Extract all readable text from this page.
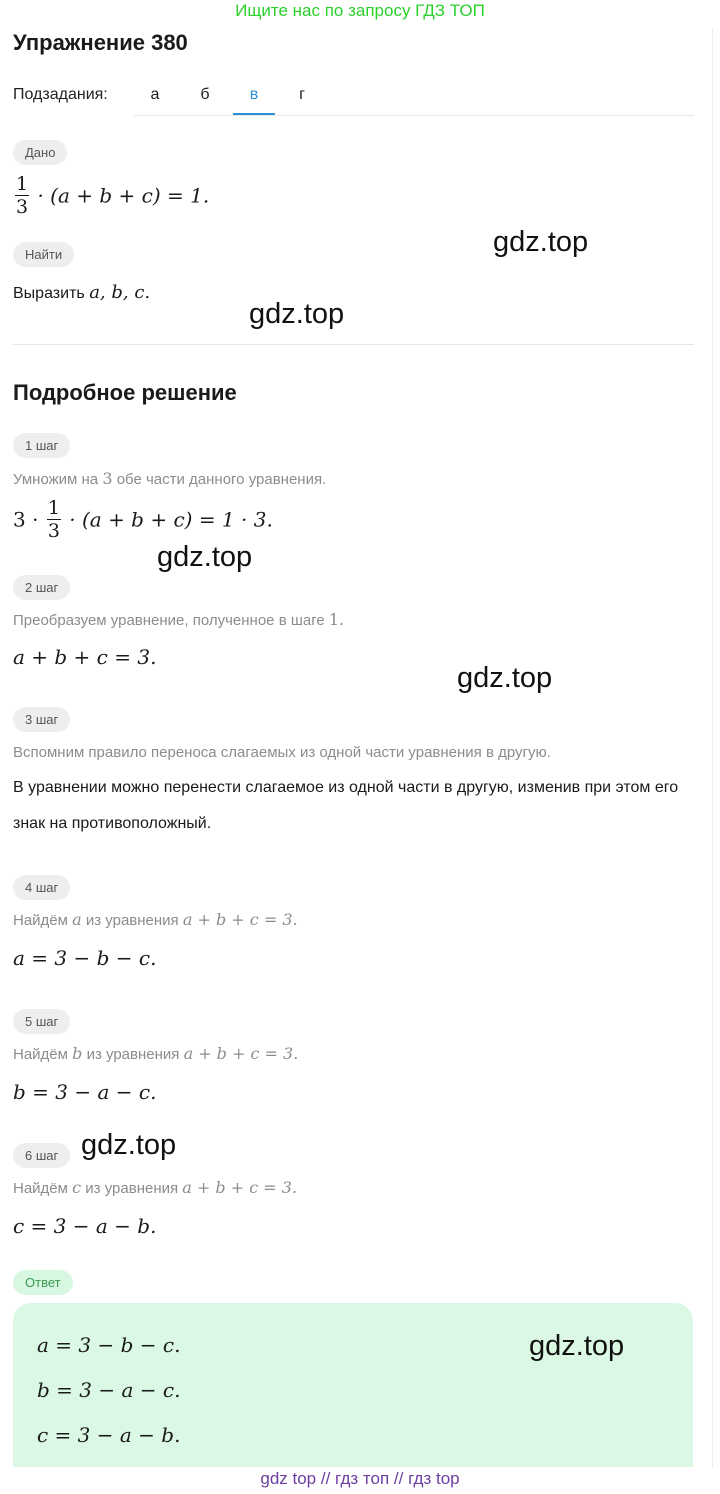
Ищите нас по запросу ГДЗ ТОП
Упражнение 380
Подзадания:	а	б	в	г
Дано
$\frac{1}{3} \cdot (a + b + c) = 1$.
Найти
Выразить a, b, c.
gdz.top
gdz.top
Подробное решение
1 шаг
Умножим на 3 обе части данного уравнения.
$3 \cdot \frac{1}{3} \cdot (a + b + c) = 1 \cdot 3$.
gdz.top
2 шаг
Преобразуем уравнение, полученное в шаге 1.
a + b + c = 3.
gdz.top
3 шаг
Вспомним правило переноса слагаемых из одной части уравнения в другую.
В уравнении можно перенести слагаемое из одной части в другую, изменив при этом его знак на противоположный.
4 шаг
Найдём a из уравнения a + b + c = 3.
a = 3 − b − c.
5 шаг
Найдём b из уравнения a + b + c = 3.
b = 3 − a − c.
6 шаг gdz.top
Найдём c из уравнения a + b + c = 3.
c = 3 − a − b.
Ответ
a = 3 − b − c.
b = 3 − a − c.
c = 3 − a − b.
gdz.top
gdz top // гдз топ // гдз top
